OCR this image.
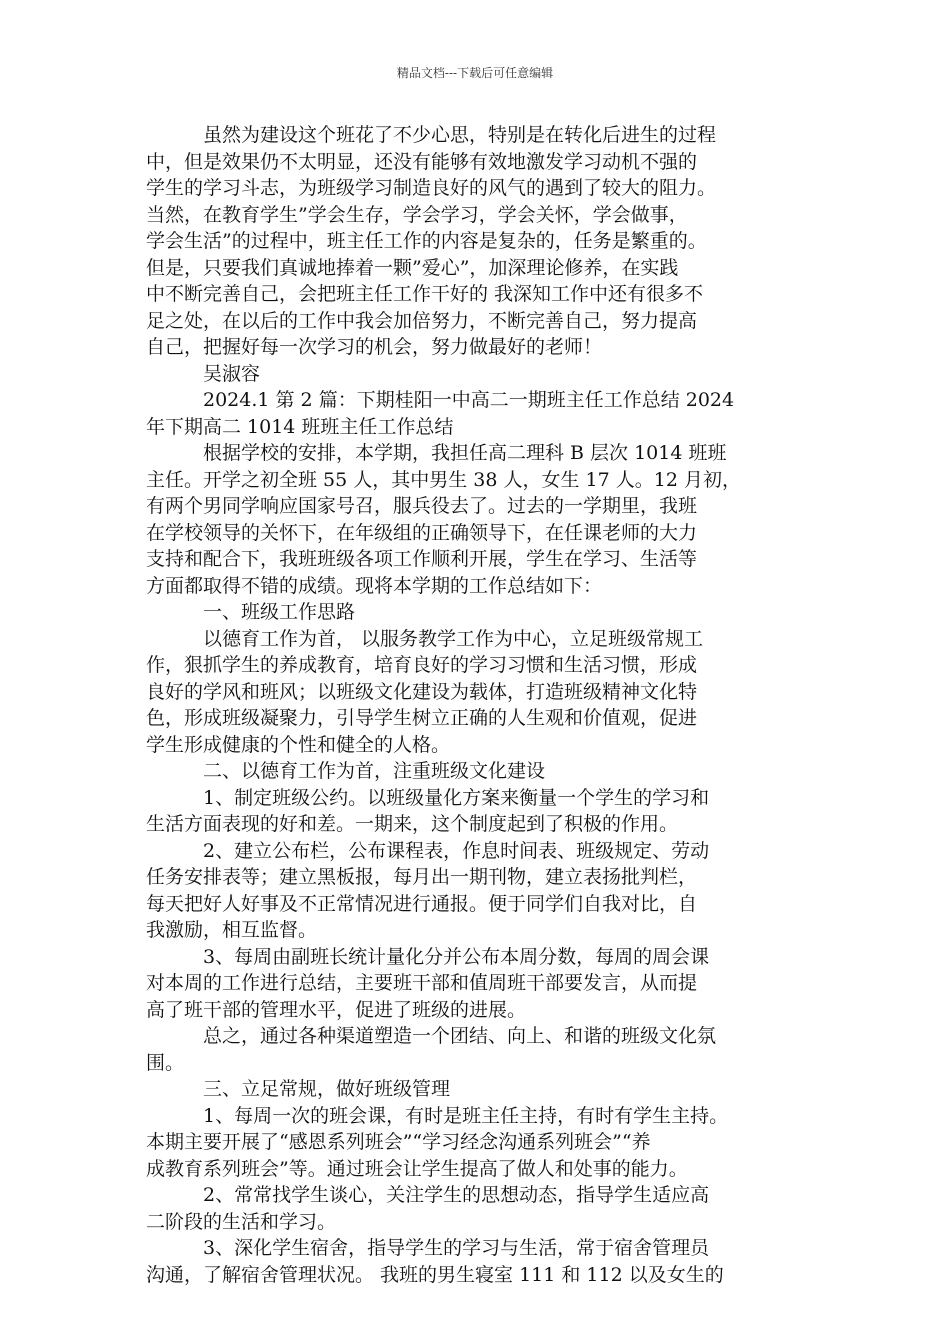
精品文档---下载后可任意编辑
虽然为建设这个班花了不少心思，特别是在转化后进生的过程
中，但是效果仍不太明显，还没有能够有效地激发学习动机不强的
学生的学习斗志，为班级学习制造良好的风气的遇到了较大的阻力。
当然，在教育学生”学会生存，学会学习，学会关怀，学会做事，
学会生活”的过程中，班主任工作的内容是复杂的，任务是繁重的。
但是，只要我们真诚地捧着一颗”爱心”，加深理论修养，在实践
中不断完善自己，会把班主任工作干好的 我深知工作中还有很多不
足之处，在以后的工作中我会加倍努力，不断完善自己，努力提高
自己，把握好每一次学习的机会，努力做最好的老师！
吴淑容
2024.1 第 2 篇：下期桂阳一中高二一期班主任工作总结 2024
年下期高二 1014 班班主任工作总结
根据学校的安排，本学期，我担任高二理科 B 层次 1014 班班
主任。开学之初全班 55 人，其中男生 38 人，女生 17 人。12 月初，
有两个男同学响应国家号召，服兵役去了。过去的一学期里，我班
在学校领导的关怀下，在年级组的正确领导下，在任课老师的大力
支持和配合下，我班班级各项工作顺利开展，学生在学习、生活等
方面都取得不错的成绩。现将本学期的工作总结如下：
一、班级工作思路
以德育工作为首， 以服务教学工作为中心，立足班级常规工
作，狠抓学生的养成教育，培育良好的学习习惯和生活习惯，形成
良好的学风和班风；以班级文化建设为载体，打造班级精神文化特
色，形成班级凝聚力，引导学生树立正确的人生观和价值观，促进
学生形成健康的个性和健全的人格。
二、以德育工作为首，注重班级文化建设
1、制定班级公约。以班级量化方案来衡量一个学生的学习和
生活方面表现的好和差。一期来，这个制度起到了积极的作用。
2、建立公布栏，公布课程表，作息时间表、班级规定、劳动
任务安排表等；建立黑板报，每月出一期刊物，建立表扬批判栏，
每天把好人好事及不正常情况进行通报。便于同学们自我对比，自
我激励，相互监督。
3、每周由副班长统计量化分并公布本周分数，每周的周会课
对本周的工作进行总结，主要班干部和值周班干部要发言，从而提
高了班干部的管理水平，促进了班级的进展。
总之，通过各种渠道塑造一个团结、向上、和谐的班级文化氛
围。
三、立足常规，做好班级管理
1、每周一次的班会课，有时是班主任主持，有时有学生主持。
本期主要开展了“感恩系列班会”“学习经念沟通系列班会”“养
成教育系列班会”等。通过班会让学生提高了做人和处事的能力。
2、常常找学生谈心，关注学生的思想动态，指导学生适应高
二阶段的生活和学习。
3、深化学生宿舍，指导学生的学习与生活，常于宿舍管理员
沟通，了解宿舍管理状况。 我班的男生寝室 111 和 112 以及女生的
